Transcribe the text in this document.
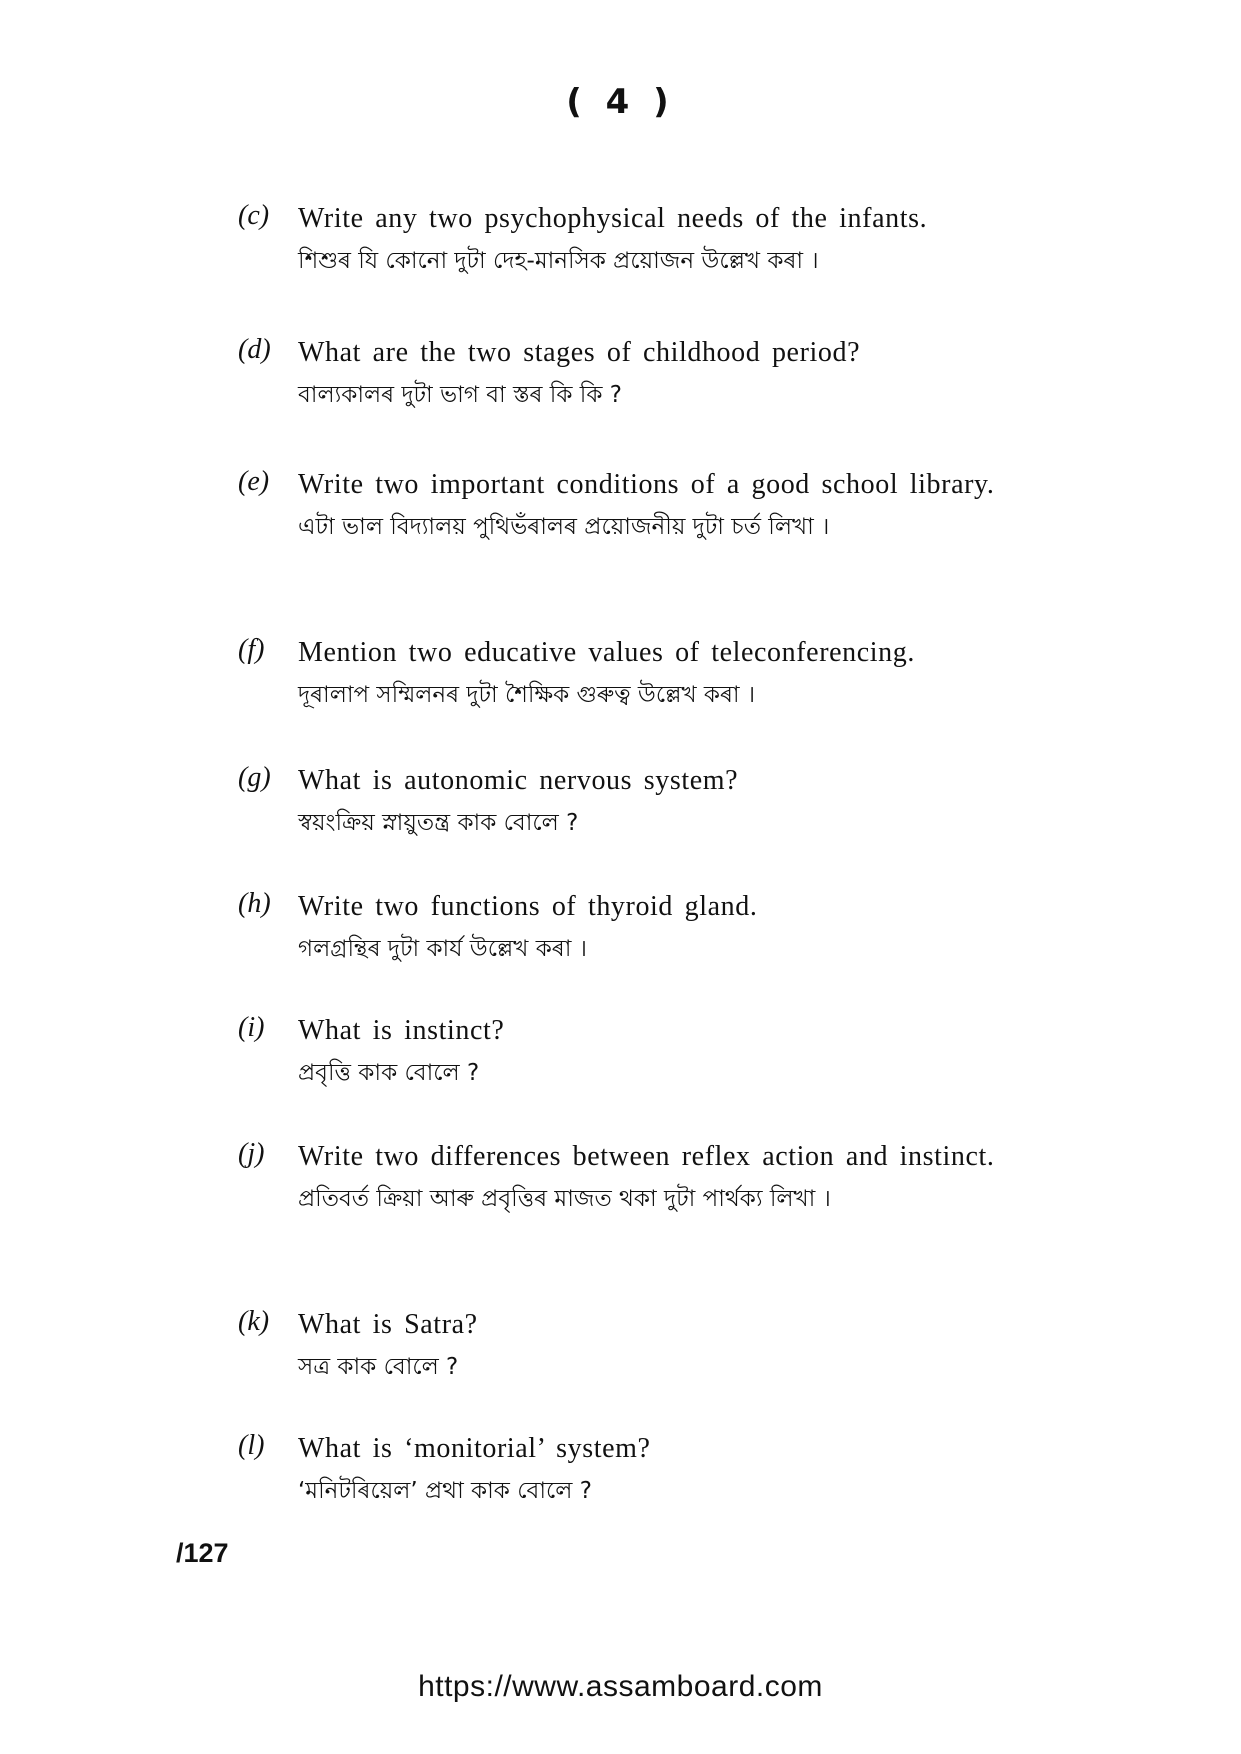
( 4 )
(c) Write any two psychophysical needs of the infants.
শিশুৰ যি কোনো দুটা দেহ-মানসিক প্ৰয়োজন উল্লেখ কৰা ।
(d) What are the two stages of childhood period?
বাল্যকালৰ দুটা ভাগ বা স্তৰ কি কি ?
(e) Write two important conditions of a good school library.
এটা ভাল বিদ্যালয় পুথিভঁৰালৰ প্ৰয়োজনীয় দুটা চৰ্ত লিখা ।
(f) Mention two educative values of teleconferencing.
দূৰালাপ সম্মিলনৰ দুটা শৈক্ষিক গুৰুত্ব উল্লেখ কৰা ।
(g) What is autonomic nervous system?
স্বয়ংক্ৰিয় স্নায়ুতন্ত্ৰ কাক বোলে ?
(h) Write two functions of thyroid gland.
গলগ্ৰন্থিৰ দুটা কাৰ্য উল্লেখ কৰা ।
(i) What is instinct?
প্ৰবৃত্তি কাক বোলে ?
(j) Write two differences between reflex action and instinct.
প্ৰতিবৰ্ত ক্ৰিয়া আৰু প্ৰবৃত্তিৰ মাজত থকা দুটা পাৰ্থক্য লিখা ।
(k) What is Satra?
সত্ৰ কাক বোলে ?
(l) What is ‘monitorial’ system?
‘মনিটৰিয়েল’ প্ৰথা কাক বোলে ?
/127
https://www.assamboard.com
